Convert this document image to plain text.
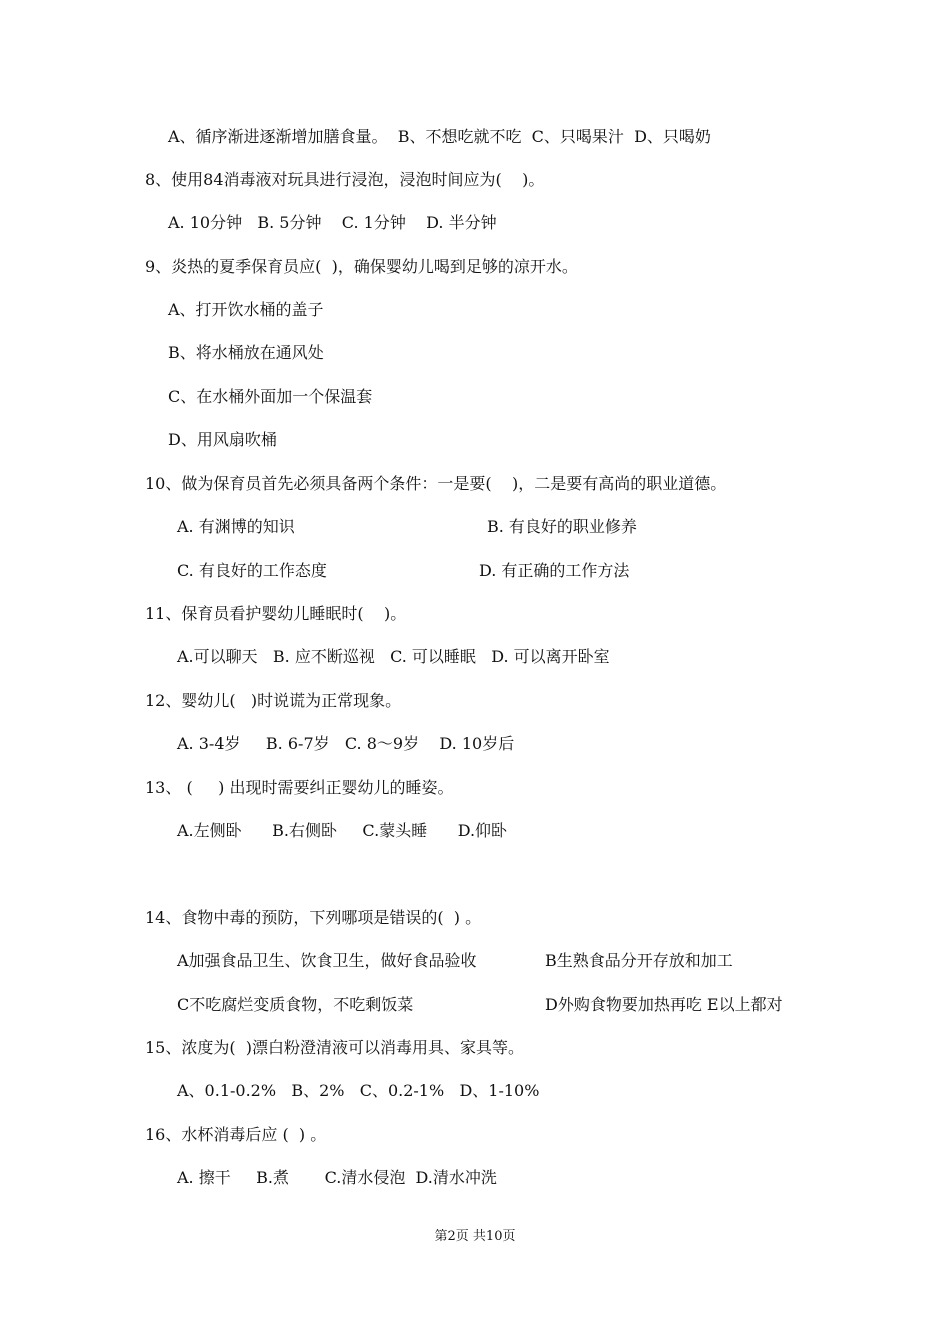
A、循序渐进逐渐增加膳食量。  B、不想吃就不吃  C、只喝果汁  D、只喝奶
8、使用84消毒液对玩具进行浸泡，浸泡时间应为(    )。
A. 10分钟   B. 5分钟    C. 1分钟    D. 半分钟
9、炎热的夏季保育员应(  )，确保婴幼儿喝到足够的凉开水。
A、打开饮水桶的盖子
B、将水桶放在通风处
C、在水桶外面加一个保温套
D、用风扇吹桶
10、做为保育员首先必须具备两个条件：一是要(    )，二是要有高尚的职业道德。
A. 有渊博的知识	B. 有良好的职业修养
C. 有良好的工作态度	D. 有正确的工作方法
11、保育员看护婴幼儿睡眠时(    )。
A.可以聊天   B. 应不断巡视   C. 可以睡眠   D. 可以离开卧室
12、婴幼儿(   )时说谎为正常现象。
A. 3-4岁     B. 6-7岁   C. 8～9岁    D. 10岁后
13、 (     ) 出现时需要纠正婴幼儿的睡姿。
A.左侧卧      B.右侧卧     C.蒙头睡      D.仰卧
14、食物中毒的预防，下列哪项是错误的(  ) 。
A加强食品卫生、饮食卫生，做好食品验收	B生熟食品分开存放和加工
C不吃腐烂变质食物，不吃剩饭菜	D外购食物要加热再吃 E以上都对
15、浓度为(  )漂白粉澄清液可以消毒用具、家具等。
A、0.1-0.2%   B、2%   C、0.2-1%   D、1-10%
16、水杯消毒后应 (  ) 。
A. 擦干     B.煮       C.清水侵泡  D.清水冲洗
第2页 共10页
